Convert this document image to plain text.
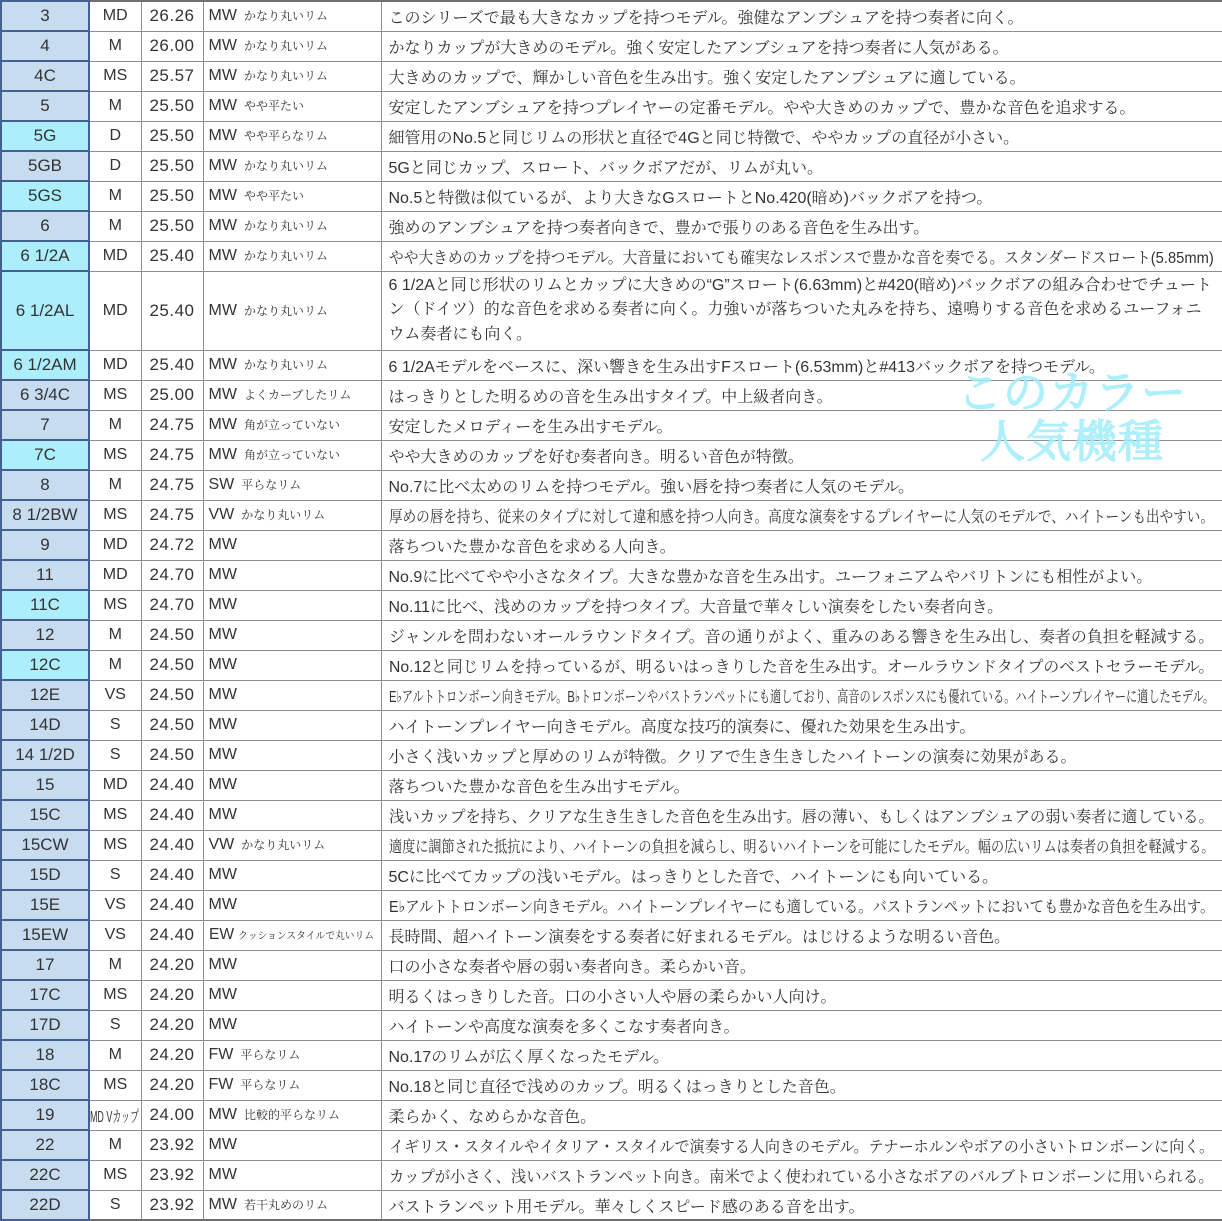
3	MD	26.26	MW かなり丸いリム	このシリーズで最も大きなカップを持つモデル。強健なアンブシュアを持つ奏者に向く。
4	M	26.00	MW かなり丸いリム	かなりカップが大きめのモデル。強く安定したアンブシュアを持つ奏者に人気がある。
4C	MS	25.57	MW かなり丸いリム	大きめのカップで、輝かしい音色を生み出す。強く安定したアンブシュアに適している。
5	M	25.50	MW やや平たい	安定したアンブシュアを持つプレイヤーの定番モデル。やや大きめのカップで、豊かな音色を追求する。
5G	D	25.50	MW やや平らなリム	細管用のNo.5と同じリムの形状と直径で4Gと同じ特徴で、ややカップの直径が小さい。
5GB	D	25.50	MW かなり丸いリム	5Gと同じカップ、スロート、バックボアだが、リムが丸い。
5GS	M	25.50	MW やや平たい	No.5と特徴は似ているが、より大きなGスロートとNo.420(暗め)バックボアを持つ。
6	M	25.50	MW かなり丸いリム	強めのアンブシュアを持つ奏者向きで、豊かで張りのある音色を生み出す。
6 1/2A	MD	25.40	MW かなり丸いリム	やや大きめのカップを持つモデル。大音量においても確実なレスポンスで豊かな音を奏でる。スタンダードスロート(5.85mm)
6 1/2AL	MD	25.40	MW かなり丸いリム	6 1/2Aと同じ形状のリムとカップに大きめの“G”スロート(6.63mm)と#420(暗め)バックボアの組み合わせでチュートン（ドイツ）的な音色を求める奏者に向く。力強いが落ちついた丸みを持ち、遠鳴りする音色を求めるユーフォニウム奏者にも向く。
6 1/2AM	MD	25.40	MW かなり丸いリム	6 1/2Aモデルをベースに、深い響きを生み出すFスロート(6.53mm)と#413バックボアを持つモデル。
6 3/4C	MS	25.00	MW よくカーブしたリム	はっきりとした明るめの音を生み出すタイプ。中上級者向き。
7	M	24.75	MW 角が立っていない	安定したメロディーを生み出すモデル。
7C	MS	24.75	MW 角が立っていない	やや大きめのカップを好む奏者向き。明るい音色が特徴。
8	M	24.75	SW 平らなリム	No.7に比べ太めのリムを持つモデル。強い唇を持つ奏者に人気のモデル。
8 1/2BW	MS	24.75	VW かなり丸いリム	厚めの唇を持ち、従来のタイプに対して違和感を持つ人向き。高度な演奏をするプレイヤーに人気のモデルで、ハイトーンも出やすい。
9	MD	24.72	MW	落ちついた豊かな音色を求める人向き。
11	MD	24.70	MW	No.9に比べてやや小さなタイプ。大きな豊かな音を生み出す。ユーフォニアムやバリトンにも相性がよい。
11C	MS	24.70	MW	No.11に比べ、浅めのカップを持つタイプ。大音量で華々しい演奏をしたい奏者向き。
12	M	24.50	MW	ジャンルを問わないオールラウンドタイプ。音の通りがよく、重みのある響きを生み出し、奏者の負担を軽減する。
12C	M	24.50	MW	No.12と同じリムを持っているが、明るいはっきりした音を生み出す。オールラウンドタイプのベストセラーモデル。
12E	VS	24.50	MW	E♭アルトトロンボーン向きモデル。B♭トロンボーンやバストランペットにも適しており、高音のレスポンスにも優れている。ハイトーンプレイヤーに適したモデル。
14D	S	24.50	MW	ハイトーンプレイヤー向きモデル。高度な技巧的演奏に、優れた効果を生み出す。
14 1/2D	S	24.50	MW	小さく浅いカップと厚めのリムが特徴。クリアで生き生きしたハイトーンの演奏に効果がある。
15	MD	24.40	MW	落ちついた豊かな音色を生み出すモデル。
15C	MS	24.40	MW	浅いカップを持ち、クリアな生き生きした音色を生み出す。唇の薄い、もしくはアンブシュアの弱い奏者に適している。
15CW	MS	24.40	VW かなり丸いリム	適度に調節された抵抗により、ハイトーンの負担を減らし、明るいハイトーンを可能にしたモデル。幅の広いリムは奏者の負担を軽減する。
15D	S	24.40	MW	5Cに比べてカップの浅いモデル。はっきりとした音で、ハイトーンにも向いている。
15E	VS	24.40	MW	E♭アルトトロンボーン向きモデル。ハイトーンプレイヤーにも適している。バストランペットにおいても豊かな音色を生み出す。
15EW	VS	24.40	EW クッションスタイルで丸いリム	長時間、超ハイトーン演奏をする奏者に好まれるモデル。はじけるような明るい音色。
17	M	24.20	MW	口の小さな奏者や唇の弱い奏者向き。柔らかい音。
17C	MS	24.20	MW	明るくはっきりした音。口の小さい人や唇の柔らかい人向け。
17D	S	24.20	MW	ハイトーンや高度な演奏を多くこなす奏者向き。
18	M	24.20	FW 平らなリム	No.17のリムが広く厚くなったモデル。
18C	MS	24.20	FW 平らなリム	No.18と同じ直径で浅めのカップ。明るくはっきりとした音色。
19	MD Vカップ	24.00	MW 比較的平らなリム	柔らかく、なめらかな音色。
22	M	23.92	MW	イギリス・スタイルやイタリア・スタイルで演奏する人向きのモデル。テナーホルンやボアの小さいトロンボーンに向く。
22C	MS	23.92	MW	カップが小さく、浅いバストランペット向き。南米でよく使われている小さなボアのバルブトロンボーンに用いられる。
22D	S	23.92	MW 若干丸めのリム	バストランペット用モデル。華々しくスピード感のある音を出す。
このカラー
人気機種
